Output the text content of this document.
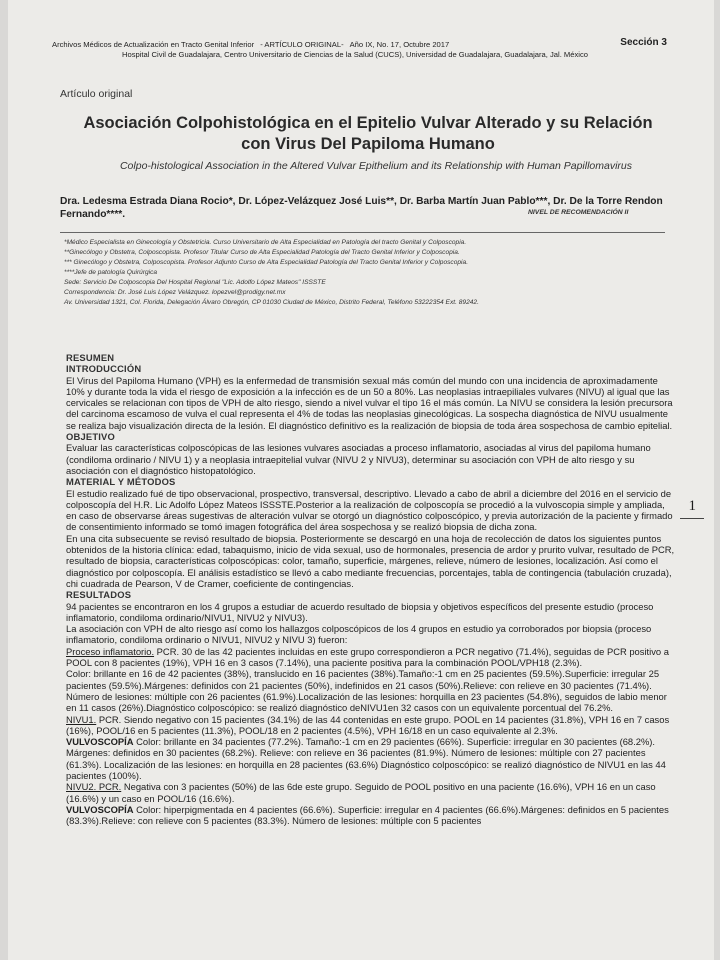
Archivos Médicos de Actualización en Tracto Genital Inferior - ARTÍCULO ORIGINAL- Año IX, No. 17, Octubre 2017	Sección 3
Hospital Civil de Guadalajara, Centro Universitario de Ciencias de la Salud (CUCS), Universidad de Guadalajara, Guadalajara, Jal. México
Artículo original
Asociación Colpohistológica en el Epitelio Vulvar Alterado y su Relación con Virus Del Papiloma Humano
Colpo-histological Association in the Altered Vulvar Epithelium and its Relationship with Human Papillomavirus
Dra. Ledesma Estrada Diana Rocio*, Dr. López-Velázquez José Luis**, Dr. Barba Martín Juan Pablo***, Dr. De la Torre Rendon Fernando****.	NIVEL DE RECOMENDACIÓN II
*Médico Especialista en Ginecología y Obstetricia. Curso Universitario de Alta Especialidad en Patología del tracto Genital y Colposcopia.
**Ginecólogo y Obstetra, Colposcopista. Profesor Titular Curso de Alta Especialidad Patología del Tracto Genital Inferior y Colposcopia.
*** Ginecólogo y Obstetra, Colposcopista. Profesor Adjunto Curso de Alta Especialidad Patología del Tracto Genital Inferior y Colposcopia.
****Jefe de patología Quirúrgica
Sede: Servicio De Colposcopia Del Hospital Regional "Lic. Adolfo López Mateos" ISSSTE
Correspondencia: Dr. José Luis López Velázquez. lopezvel@prodigy.net.mx
Av. Universidad 1321, Col. Florida, Delegación Álvaro Obregón, CP 01030 Ciudad de México, Distrito Federal, Teléfono 53222354 Ext. 89242.
1
RESUMEN
INTRODUCCIÓN

El Virus del Papiloma Humano (VPH) es la enfermedad de transmisión sexual más común del mundo con una incidencia de aproximadamente 10% y durante toda la vida el riesgo de exposición a la infección es de un 50 a 80%. Las neoplasias intraepiliales vulvares (NIVU) al igual que las cervicales se relacionan con tipos de VPH de alto riesgo, siendo a nivel vulvar el tipo 16 el más común. La NIVU se considera la lesión precursora del carcinoma escamoso de vulva el cual representa el 4% de todas las neoplasias ginecológicas. La sospecha diagnóstica de NIVU usualmente se realiza bajo visualización directa de la lesión. El diagnóstico definitivo es la realización de biopsia de toda área sospechosa de cambio epitelial.

OBJETIVO

Evaluar las características colposcópicas de las lesiones vulvares asociadas a proceso inflamatorio, asociadas al virus del papiloma humano (condiloma ordinario / NIVU 1) y a neoplasia intraepitelial vulvar (NIVU 2 y NIVU3), determinar su asociación con VPH de alto riesgo y su asociación con el diagnóstico histopatológico.

MATERIAL Y MÉTODOS

El estudio realizado fué de tipo observacional, prospectivo, transversal, descriptivo. Llevado a cabo de abril a diciembre del 2016 en el servicio de colposcopía del H.R. Lic Adolfo López Mateos ISSSTE.Posterior a la realización de colposcopía se procedió a la vulvoscopia simple y ampliada, en caso de observarse áreas sugestivas de alteración vulvar se otorgó un diagnóstico colposcópico, y previa autorización de la paciente y firmado de consentimiento informado se tomó imagen fotográfica del área sospechosa y se realizó biopsia de dicha zona.

En una cita subsecuente se revisó resultado de biopsia. Posteriormente se descargó en una hoja de recolección de datos los siguientes puntos obtenidos de la historia clínica: edad, tabaquismo, inicio de vida sexual, uso de hormonales, presencia de ardor y prurito vulvar, resultado de PCR, resultado de biopsia, características colposcópicas: color, tamaño, superficie, márgenes, relieve, número de lesiones, localización. Así como el diagnóstico por colposcopía. El análisis estadístico se llevó a cabo mediante frecuencias, porcentajes, tabla de contingencia (tabulación cruzada), chi cuadrada de Pearson, V de Cramer, coeficiente de contingencias.

RESULTADOS

94 pacientes se encontraron en los 4 grupos a estudiar de acuerdo resultado de biopsia y objetivos específicos del presente estudio (proceso inflamatorio, condiloma ordinario/NIVU1, NIVU2 y NIVU3).

La asociación con VPH de alto riesgo así como los hallazgos colposcópicos de los 4 grupos en estudio ya corroborados por biopsia (proceso inflamatorio, condiloma ordinario o NIVU1, NIVU2 y NIVU 3) fueron:

Proceso inflamatorio. PCR. 30 de las 42 pacientes incluidas en este grupo correspondieron a PCR negativo (71.4%), seguidas de PCR positivo a POOL con 8 pacientes (19%), VPH 16 en 3 casos (7.14%), una paciente positiva para la combinación POOL/VPH18 (2.3%).

Color: brillante en 16 de 42 pacientes (38%), translucido en 16 pacientes (38%).Tamaño:-1 cm en 25 pacientes (59.5%).Superficie: irregular 25 pacientes (59.5%).Márgenes: definidos con 21 pacientes (50%), indefinidos en 21 casos (50%).Relieve: con relieve en 30 pacientes (71.4%). Número de lesiones: múltiple con 26 pacientes (61.9%).Localización de las lesiones: horquilla en 23 pacientes (54.8%), seguidos de labio menor en 11 casos (26%).Diagnóstico colposcópico: se realizó diagnóstico deNIVU1en 32 casos con un equivalente porcentual del 76.2%.

NIVU1. PCR. Siendo negativo con 15 pacientes (34.1%) de las 44 contenidas en este grupo. POOL en 14 pacientes (31.8%), VPH 16 en 7 casos (16%), POOL/16 en 5 pacientes (11.3%), POOL/18 en 2 pacientes (4.5%), VPH 16/18 en un caso equivalente al 2.3%.

VULVOSCOPÍA Color: brillante en 34 pacientes (77.2%). Tamaño:-1 cm en 29 pacientes (66%). Superficie: irregular en 30 pacientes (68.2%). Márgenes: definidos en 30 pacientes (68.2%). Relieve: con relieve en 36 pacientes (81.9%). Número de lesiones: múltiple con 27 pacientes (61.3%). Localización de las lesiones: en horquilla en 28 pacientes (63.6%) Diagnóstico colposcópico: se realizó diagnóstico de NIVU1 en las 44 pacientes (100%).

NIVU2. PCR. Negativa con 3 pacientes (50%) de las 6de este grupo. Seguido de POOL positivo en una paciente (16.6%), VPH 16 en un caso (16.6%) y un caso en POOL/16 (16.6%).

VULVOSCOPÍA Color: hiperpigmentada en 4 pacientes (66.6%). Superficie: irregular en 4 pacientes (66.6%).Márgenes: definidos en 5 pacientes (83.3%).Relieve: con relieve con 5 pacientes (83.3%). Número de lesiones: múltiple con 5 pacientes
